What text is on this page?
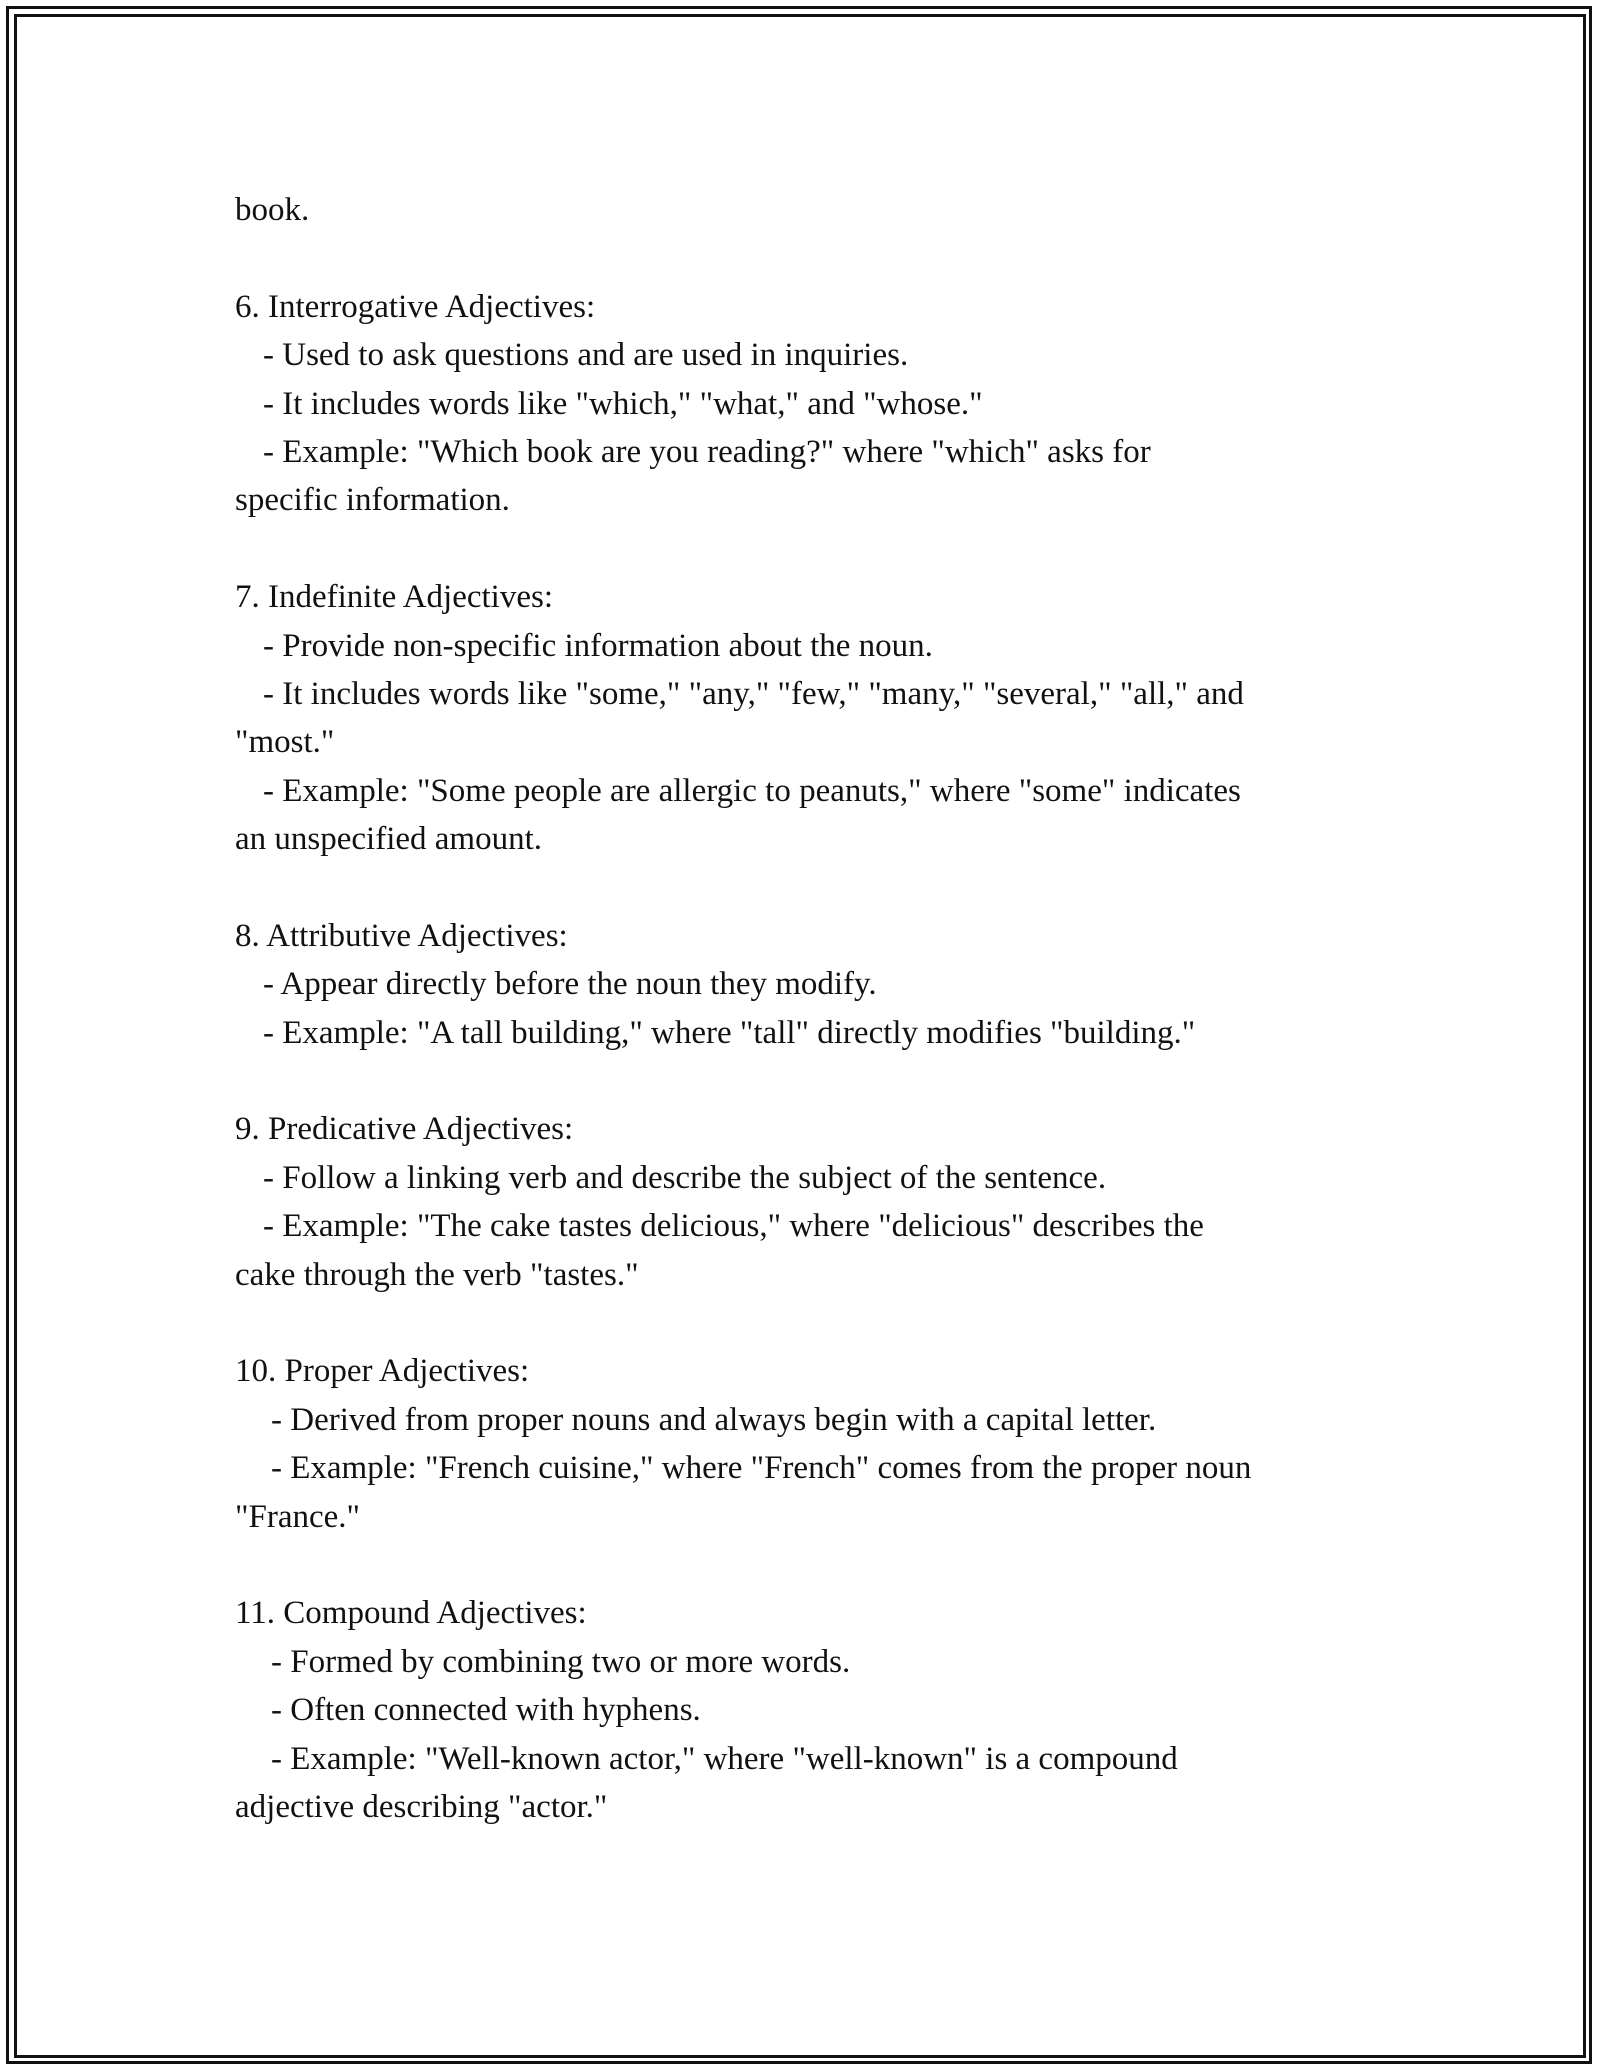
book.
6. Interrogative Adjectives:
- Used to ask questions and are used in inquiries.
- It includes words like "which," "what," and "whose."
- Example: "Which book are you reading?" where "which" asks for
specific information.
7. Indefinite Adjectives:
- Provide non-specific information about the noun.
- It includes words like "some," "any," "few," "many," "several," "all," and
"most."
- Example: "Some people are allergic to peanuts," where "some" indicates
an unspecified amount.
8. Attributive Adjectives:
- Appear directly before the noun they modify.
- Example: "A tall building," where "tall" directly modifies "building."
9. Predicative Adjectives:
- Follow a linking verb and describe the subject of the sentence.
- Example: "The cake tastes delicious," where "delicious" describes the
cake through the verb "tastes."
10. Proper Adjectives:
- Derived from proper nouns and always begin with a capital letter.
- Example: "French cuisine," where "French" comes from the proper noun
"France."
11. Compound Adjectives:
- Formed by combining two or more words.
- Often connected with hyphens.
- Example: "Well-known actor," where "well-known" is a compound
adjective describing "actor."
